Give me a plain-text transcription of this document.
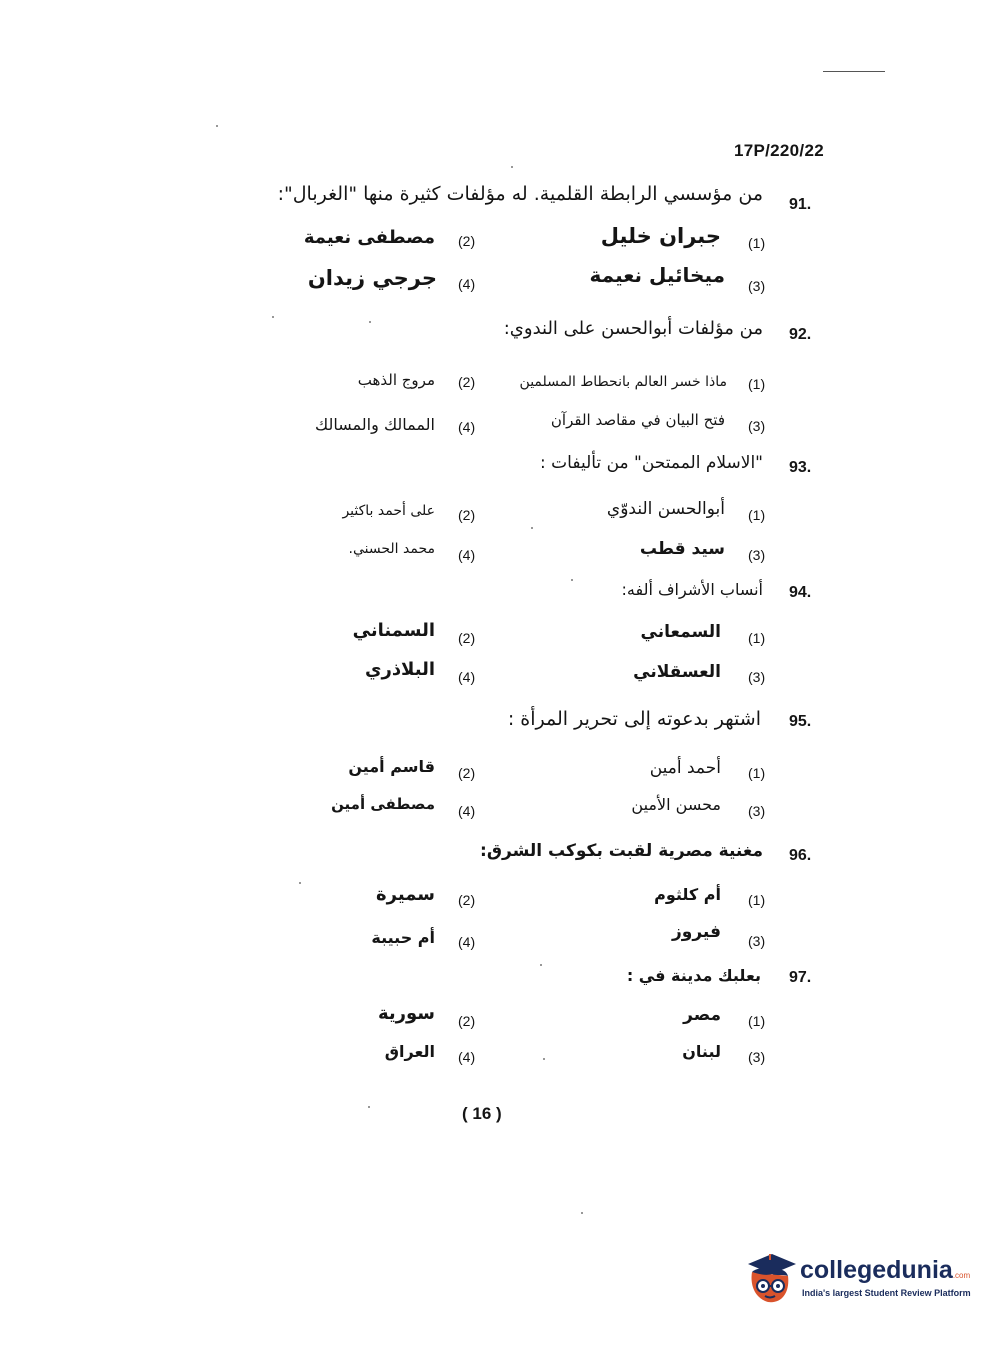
17P/220/22
91.
من مؤسسي الرابطة القلمية. له مؤلفات كثيرة منها "الغربال":
(1)
جبران خليل
(2)
مصطفى نعيمة
(3)
ميخائيل نعيمة
(4)
جرجي زيدان
92.
من مؤلفات أبوالحسن على الندوي:
(1)
ماذا خسر العالم بانحطاط المسلمين
(2)
مروج الذهب
(3)
فتح البيان في مقاصد القرآن
(4)
الممالك والمسالك
93.
"الاسلام الممتحن" من تأليفات :
(1)
أبوالحسن الندوّي
(2)
على أحمد باكثير
(3)
سيد قطب
(4)
محمد الحسني.
94.
أنساب الأشراف ألفه:
(1)
السمعاني
(2)
السمناني
(3)
العسقلاني
(4)
البلاذري
95.
اشتهر بدعوته إلى تحرير المرأة :
(1)
أحمد أمين
(2)
قاسم أمين
(3)
محسن الأمين
(4)
مصطفى أمين
96.
مغنية مصرية لقبت بكوكب الشرق:
(1)
أم كلثوم
(2)
سميرة
(3)
فيروز
(4)
أم حبيبة
97.
بعلبك مدينة في :
(1)
مصر
(2)
سورية
(3)
لبنان
(4)
العراق
( 16 )
collegedunia.com
India's largest Student Review Platform
